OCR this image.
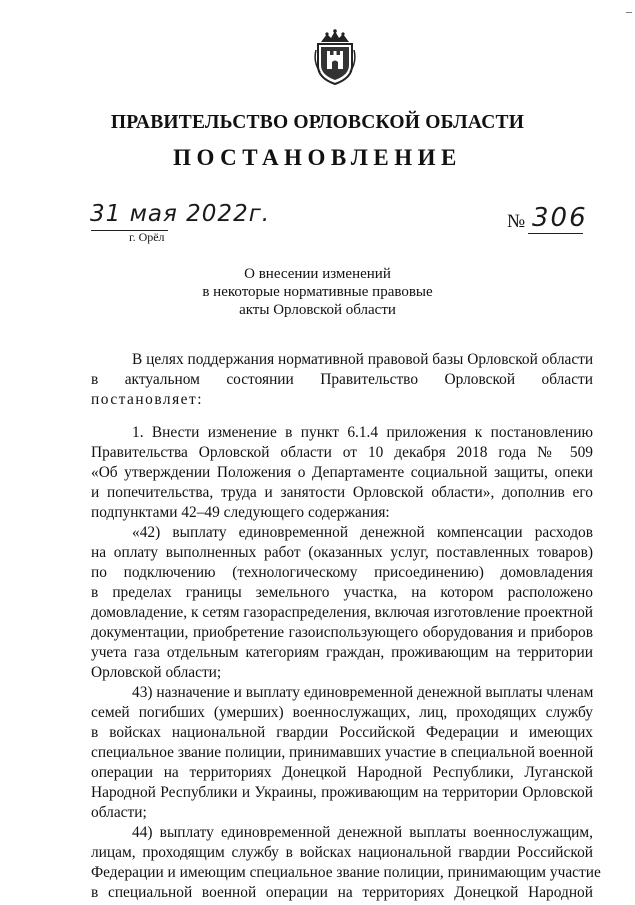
_
ПРАВИТЕЛЬСТВО ОРЛОВСКОЙ ОБЛАСТИ
ПОСТАНОВЛЕНИЕ
31 мая 2022г.
г. Орёл
№ 306
О внесении изменений
в некоторые нормативные правовые
акты Орловской области
В целях поддержания нормативной правовой базы Орловской области
в актуальном состоянии Правительство Орловской области
постановляет:
1. Внести изменение в пункт 6.1.4 приложения к постановлению
Правительства Орловской области от 10 декабря 2018 года № 509
«Об утверждении Положения о Департаменте социальной защиты, опеки
и попечительства, труда и занятости Орловской области», дополнив его
подпунктами 42–49 следующего содержания:
«42) выплату единовременной денежной компенсации расходов
на оплату выполненных работ (оказанных услуг, поставленных товаров)
по подключению (технологическому присоединению) домовладения
в пределах границы земельного участка, на котором расположено
домовладение, к сетям газораспределения, включая изготовление проектной
документации, приобретение газоиспользующего оборудования и приборов
учета газа отдельным категориям граждан, проживающим на территории
Орловской области;
43) назначение и выплату единовременной денежной выплаты членам
семей погибших (умерших) военнослужащих, лиц, проходящих службу
в войсках национальной гвардии Российской Федерации и имеющих
специальное звание полиции, принимавших участие в специальной военной
операции на территориях Донецкой Народной Республики, Луганской
Народной Республики и Украины, проживающим на территории Орловской
области;
44) выплату единовременной денежной выплаты военнослужащим,
лицам, проходящим службу в войсках национальной гвардии Российской
Федерации и имеющим специальное звание полиции, принимающим участие
в специальной военной операции на территориях Донецкой Народной
